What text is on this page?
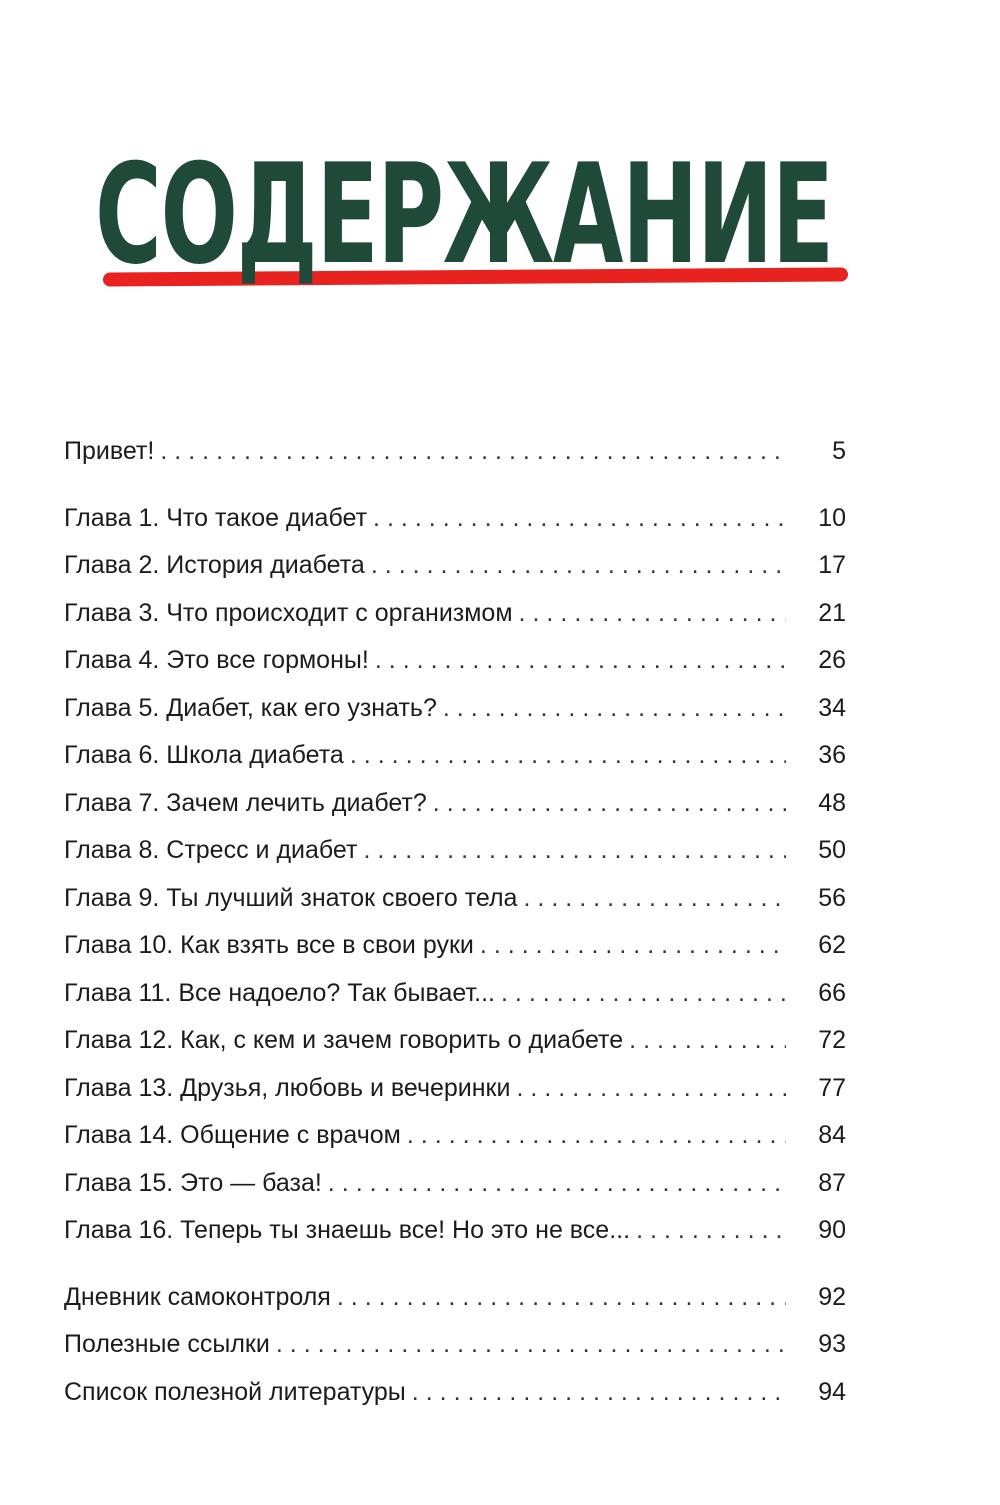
СОДЕРЖАНИЕ
Привет! .....	5
Глава 1. Что такое диабет .....	10
Глава 2. История диабета .....	17
Глава 3. Что происходит с организмом .....	21
Глава 4. Это все гормоны! .....	26
Глава 5. Диабет, как его узнать? .....	34
Глава 6. Школа диабета .....	36
Глава 7. Зачем лечить диабет? .....	48
Глава 8. Стресс и диабет .....	50
Глава 9. Ты лучший знаток своего тела .....	56
Глава 10. Как взять все в свои руки .....	62
Глава 11. Все надоело? Так бывает... .....	66
Глава 12. Как, с кем и зачем говорить о диабете .....	72
Глава 13. Друзья, любовь и вечеринки .....	77
Глава 14. Общение с врачом .....	84
Глава 15. Это — база! .....	87
Глава 16. Теперь ты знаешь все! Но это не все... .....	90
Дневник самоконтроля .....	92
Полезные ссылки .....	93
Список полезной литературы .....	94
